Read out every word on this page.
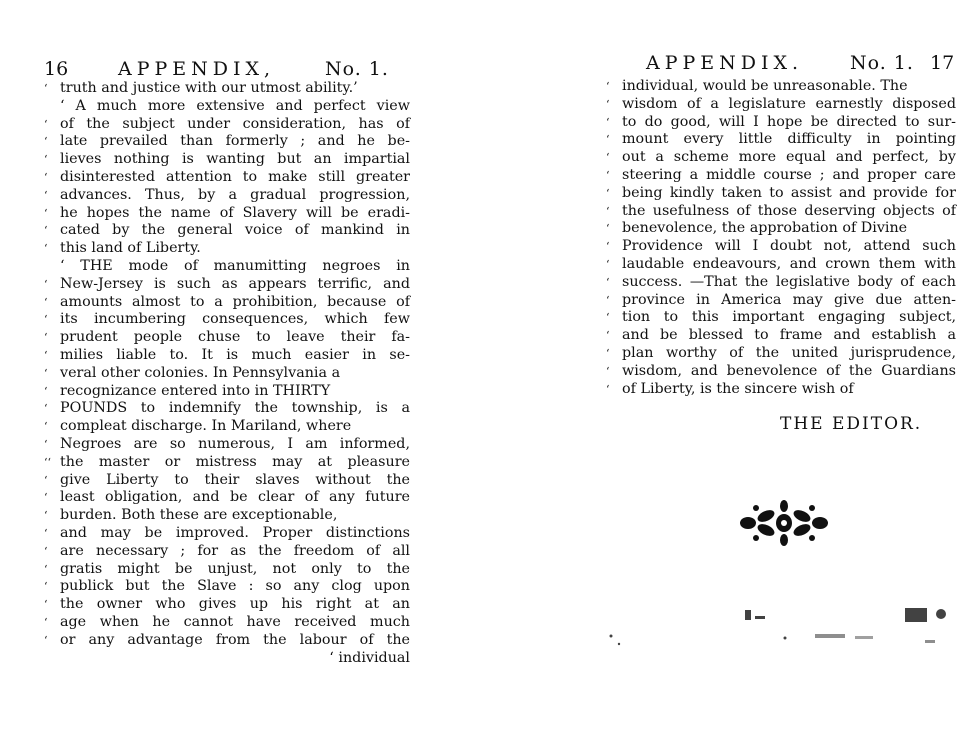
16	APPENDIX,	No. 1.
‘ truth and justice with our utmost ability.’
‘ A much more extensive and perfect view
‘ of the subject under consideration, has of
‘ late prevailed than formerly ; and he be-
‘ lieves nothing is wanting but an impartial
‘ disinterested attention to make still greater
‘ advances. Thus, by a gradual progression,
‘ he hopes the name of Slavery will be eradi-
‘ cated by the general voice of mankind in
‘ this land of Liberty.
‘ THE mode of manumitting negroes in
‘ New-Jersey is such as appears terrific, and
‘ amounts almost to a prohibition, because of
‘ its incumbering consequences, which few
‘ prudent people chuse to leave their fa-
‘ milies liable to. It is much easier in se-
‘ veral other colonies. In Pennsylvania a
‘ recognizance entered into in THIRTY
‘ POUNDS to indemnify the township, is a
‘ compleat discharge. In Mariland, where
‘ Negroes are so numerous, I am informed,
‘‘ the master or mistress may at pleasure
‘ give Liberty to their slaves without the
‘ least obligation, and be clear of any future
‘ burden. Both these are exceptionable,
‘ and may be improved. Proper distinctions
‘ are necessary ; for as the freedom of all
‘ gratis might be unjust, not only to the
‘ publick but the Slave : so any clog upon
‘ the owner who gives up his right at an
‘ age when he cannot have received much
‘ or any advantage from the labour of the
‘ individual
APPENDIX. No. 1. 17
‘ individual, would be unreasonable. The
‘ wisdom of a legislature earnestly disposed
‘ to do good, will I hope be directed to sur-
‘ mount every little difficulty in pointing
‘ out a scheme more equal and perfect, by
‘ steering a middle course ; and proper care
‘ being kindly taken to assist and provide for
‘ the usefulness of those deserving objects of
‘ benevolence, the approbation of Divine
‘ Providence will I doubt not, attend such
‘ laudable endeavours, and crown them with
‘ success. —That the legislative body of each
‘ province in America may give due atten-
‘ tion to this important engaging subject,
‘ and be blessed to frame and establish a
‘ plan worthy of the united jurisprudence,
‘ wisdom, and benevolence of the Guardians
‘ of Liberty, is the sincere wish of
THE EDITOR.
